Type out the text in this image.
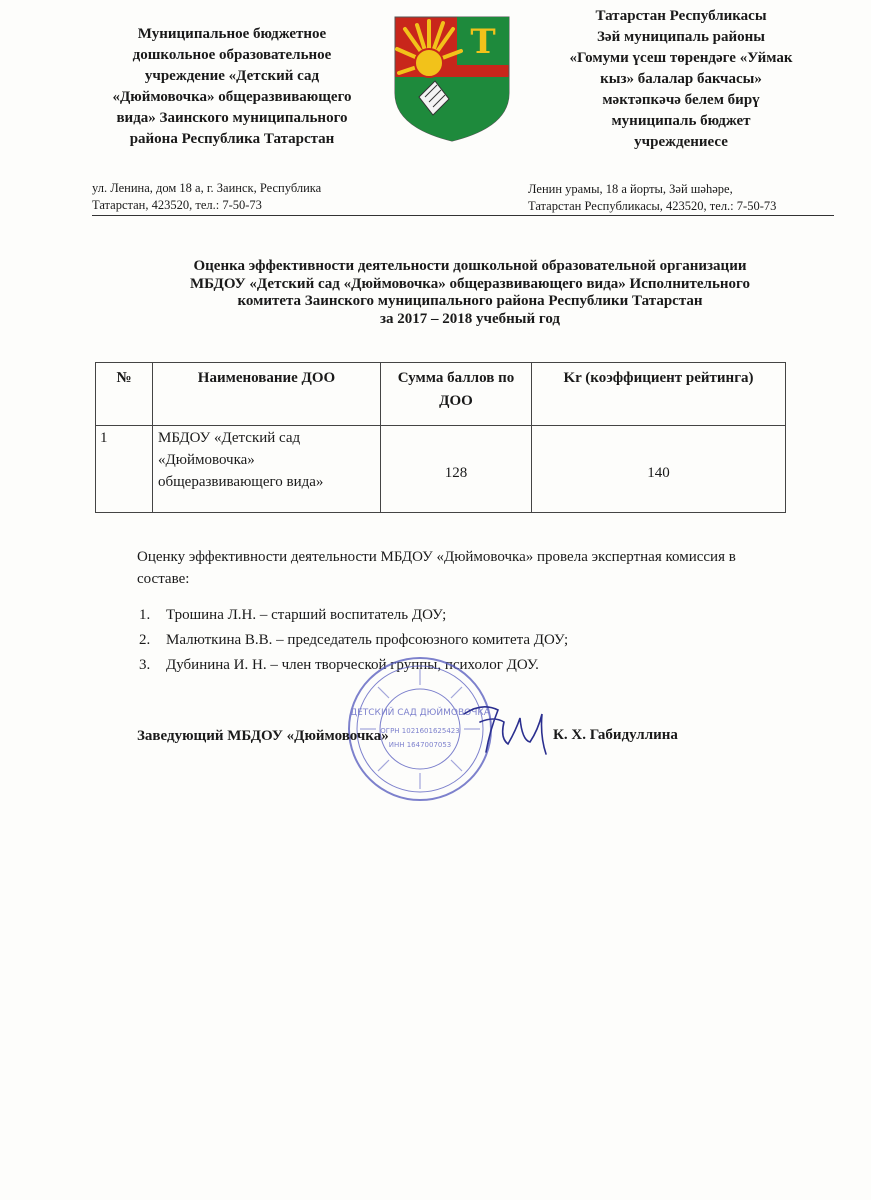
Муниципальное бюджетное
дошкольное образовательное
учреждение «Детский сад
«Дюймовочка» общеразвивающего
вида» Заинского муниципального
района Республика Татарстан
Т
Татарстан Республикасы
Зәй муниципаль районы
«Гомуми үсеш төрендәге «Уймак
кыз» балалар бакчасы»
мәктәпкәчә белем бирү
муниципаль бюджет
учреждениесе
ул. Ленина, дом 18 а, г. Заинск, Республика
Татарстан, 423520, тел.: 7-50-73
Ленин урамы, 18 а йорты, Зәй шәһәре,
Татарстан Республикасы, 423520, тел.: 7-50-73
Оценка эффективности деятельности дошкольной образовательной организации
МБДОУ «Детский сад «Дюймовочка» общеразвивающего вида» Исполнительного
комитета Заинского муниципального района Республики Татарстан
за 2017 – 2018 учебный год
№	Наименование ДОО	Сумма баллов по ДОО	Kr (коэффициент рейтинга)
1	МБДОУ «Детский сад «Дюймовочка» общеразвивающего вида»	128	140
Оценку эффективности деятельности МБДОУ «Дюймовочка» провела экспертная комиссия в составе:
1. Трошина Л.Н. – старший воспитатель ДОУ;
2. Малюткина В.В. – председатель профсоюзного комитета ДОУ;
3. Дубинина И. Н. – член творческой группы, психолог ДОУ.
ДЕТСКИЙ САД ДЮЙМОВОЧКА
ОГРН 1021601625423
ИНН 1647007053
Заведующий МБДОУ «Дюймовочка»	К. Х. Габидуллина
